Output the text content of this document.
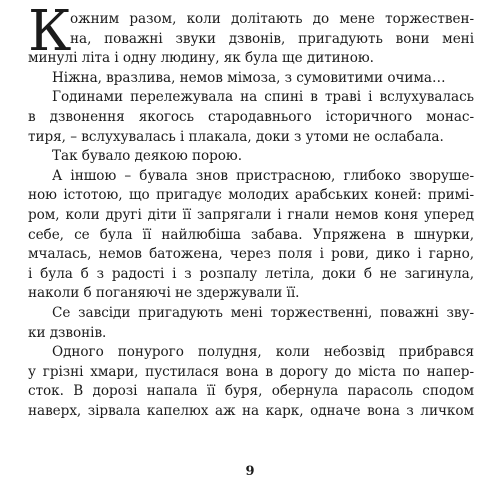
К
ожним разом, коли долітають до мене торжествен-
на, поважні звуки дзвонів, пригадують вони мені
минулі літа і одну людину, як була ще дитиною.
Ніжна, вразлива, немов мімоза, з сумовитими очима…
Годинами перележувала на спині в траві і вслухувалась
в дзвонення якогось стародавнього історичного монас-
тиря, – вслухувалась і плакала, доки з утоми не ослабала.
Так бувало деякою порою.
А іншою – бувала знов пристрасною, глибоко зворуше-
ною істотою, що пригадує молодих арабських коней: примі-
ром, коли другі діти її запрягали і гнали немов коня уперед
себе, се була її найлюбіша забава. Упряжена в шнурки,
мчалась, немов батожена, через поля і рови, дико і гарно,
і була б з радості і з розпалу летіла, доки б не загинула,
наколи б поганяючі не здержували її.
Се завсіди пригадують мені торжественні, поважні зву-
ки дзвонів.
Одного понурого полудня, коли небозвід прибрався
у грізні хмари, пустилася вона в дорогу до міста по напер-
сток. В дорозі напала її буря, обернула парасоль сподом
наверх, зірвала капелюх аж на карк, одначе вона з личком
9
